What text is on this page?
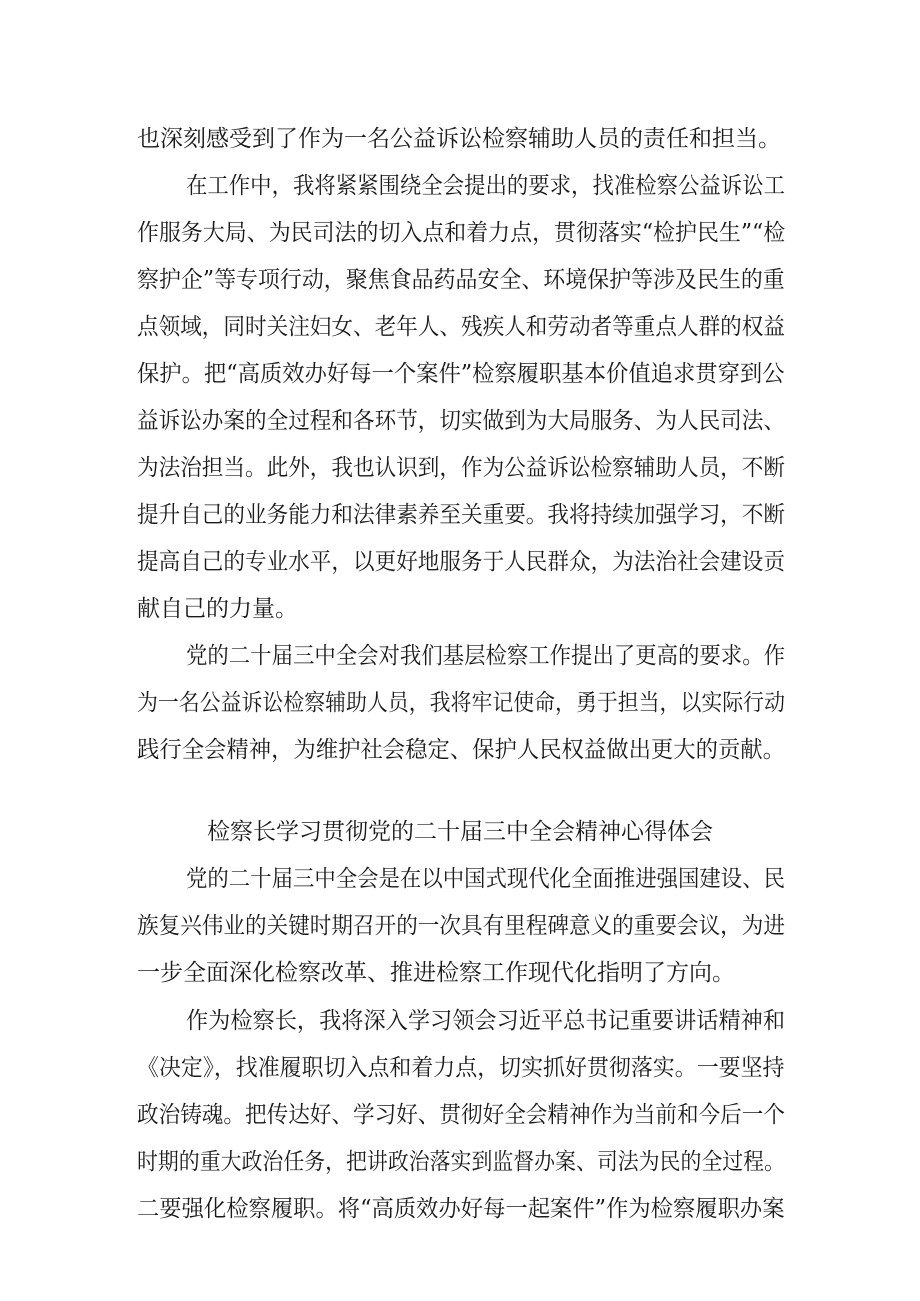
也深刻感受到了作为一名公益诉讼检察辅助人员的责任和担当。
在工作中，我将紧紧围绕全会提出的要求，找准检察公益诉讼工
作服务大局、为民司法的切入点和着力点，贯彻落实“检护民生”“检
察护企”等专项行动，聚焦食品药品安全、环境保护等涉及民生的重
点领域，同时关注妇女、老年人、残疾人和劳动者等重点人群的权益
保护。把“高质效办好每一个案件”检察履职基本价值追求贯穿到公
益诉讼办案的全过程和各环节，切实做到为大局服务、为人民司法、
为法治担当。此外，我也认识到，作为公益诉讼检察辅助人员，不断
提升自己的业务能力和法律素养至关重要。我将持续加强学习，不断
提高自己的专业水平，以更好地服务于人民群众，为法治社会建设贡
献自己的力量。
党的二十届三中全会对我们基层检察工作提出了更高的要求。作
为一名公益诉讼检察辅助人员，我将牢记使命，勇于担当，以实际行动
践行全会精神，为维护社会稳定、保护人民权益做出更大的贡献。
检察长学习贯彻党的二十届三中全会精神心得体会
党的二十届三中全会是在以中国式现代化全面推进强国建设、民
族复兴伟业的关键时期召开的一次具有里程碑意义的重要会议，为进
一步全面深化检察改革、推进检察工作现代化指明了方向。
作为检察长，我将深入学习领会习近平总书记重要讲话精神和
《决定》，找准履职切入点和着力点，切实抓好贯彻落实。一要坚持
政治铸魂。把传达好、学习好、贯彻好全会精神作为当前和今后一个
时期的重大政治任务，把讲政治落实到监督办案、司法为民的全过程。
二要强化检察履职。将“高质效办好每一起案件”作为检察履职办案
